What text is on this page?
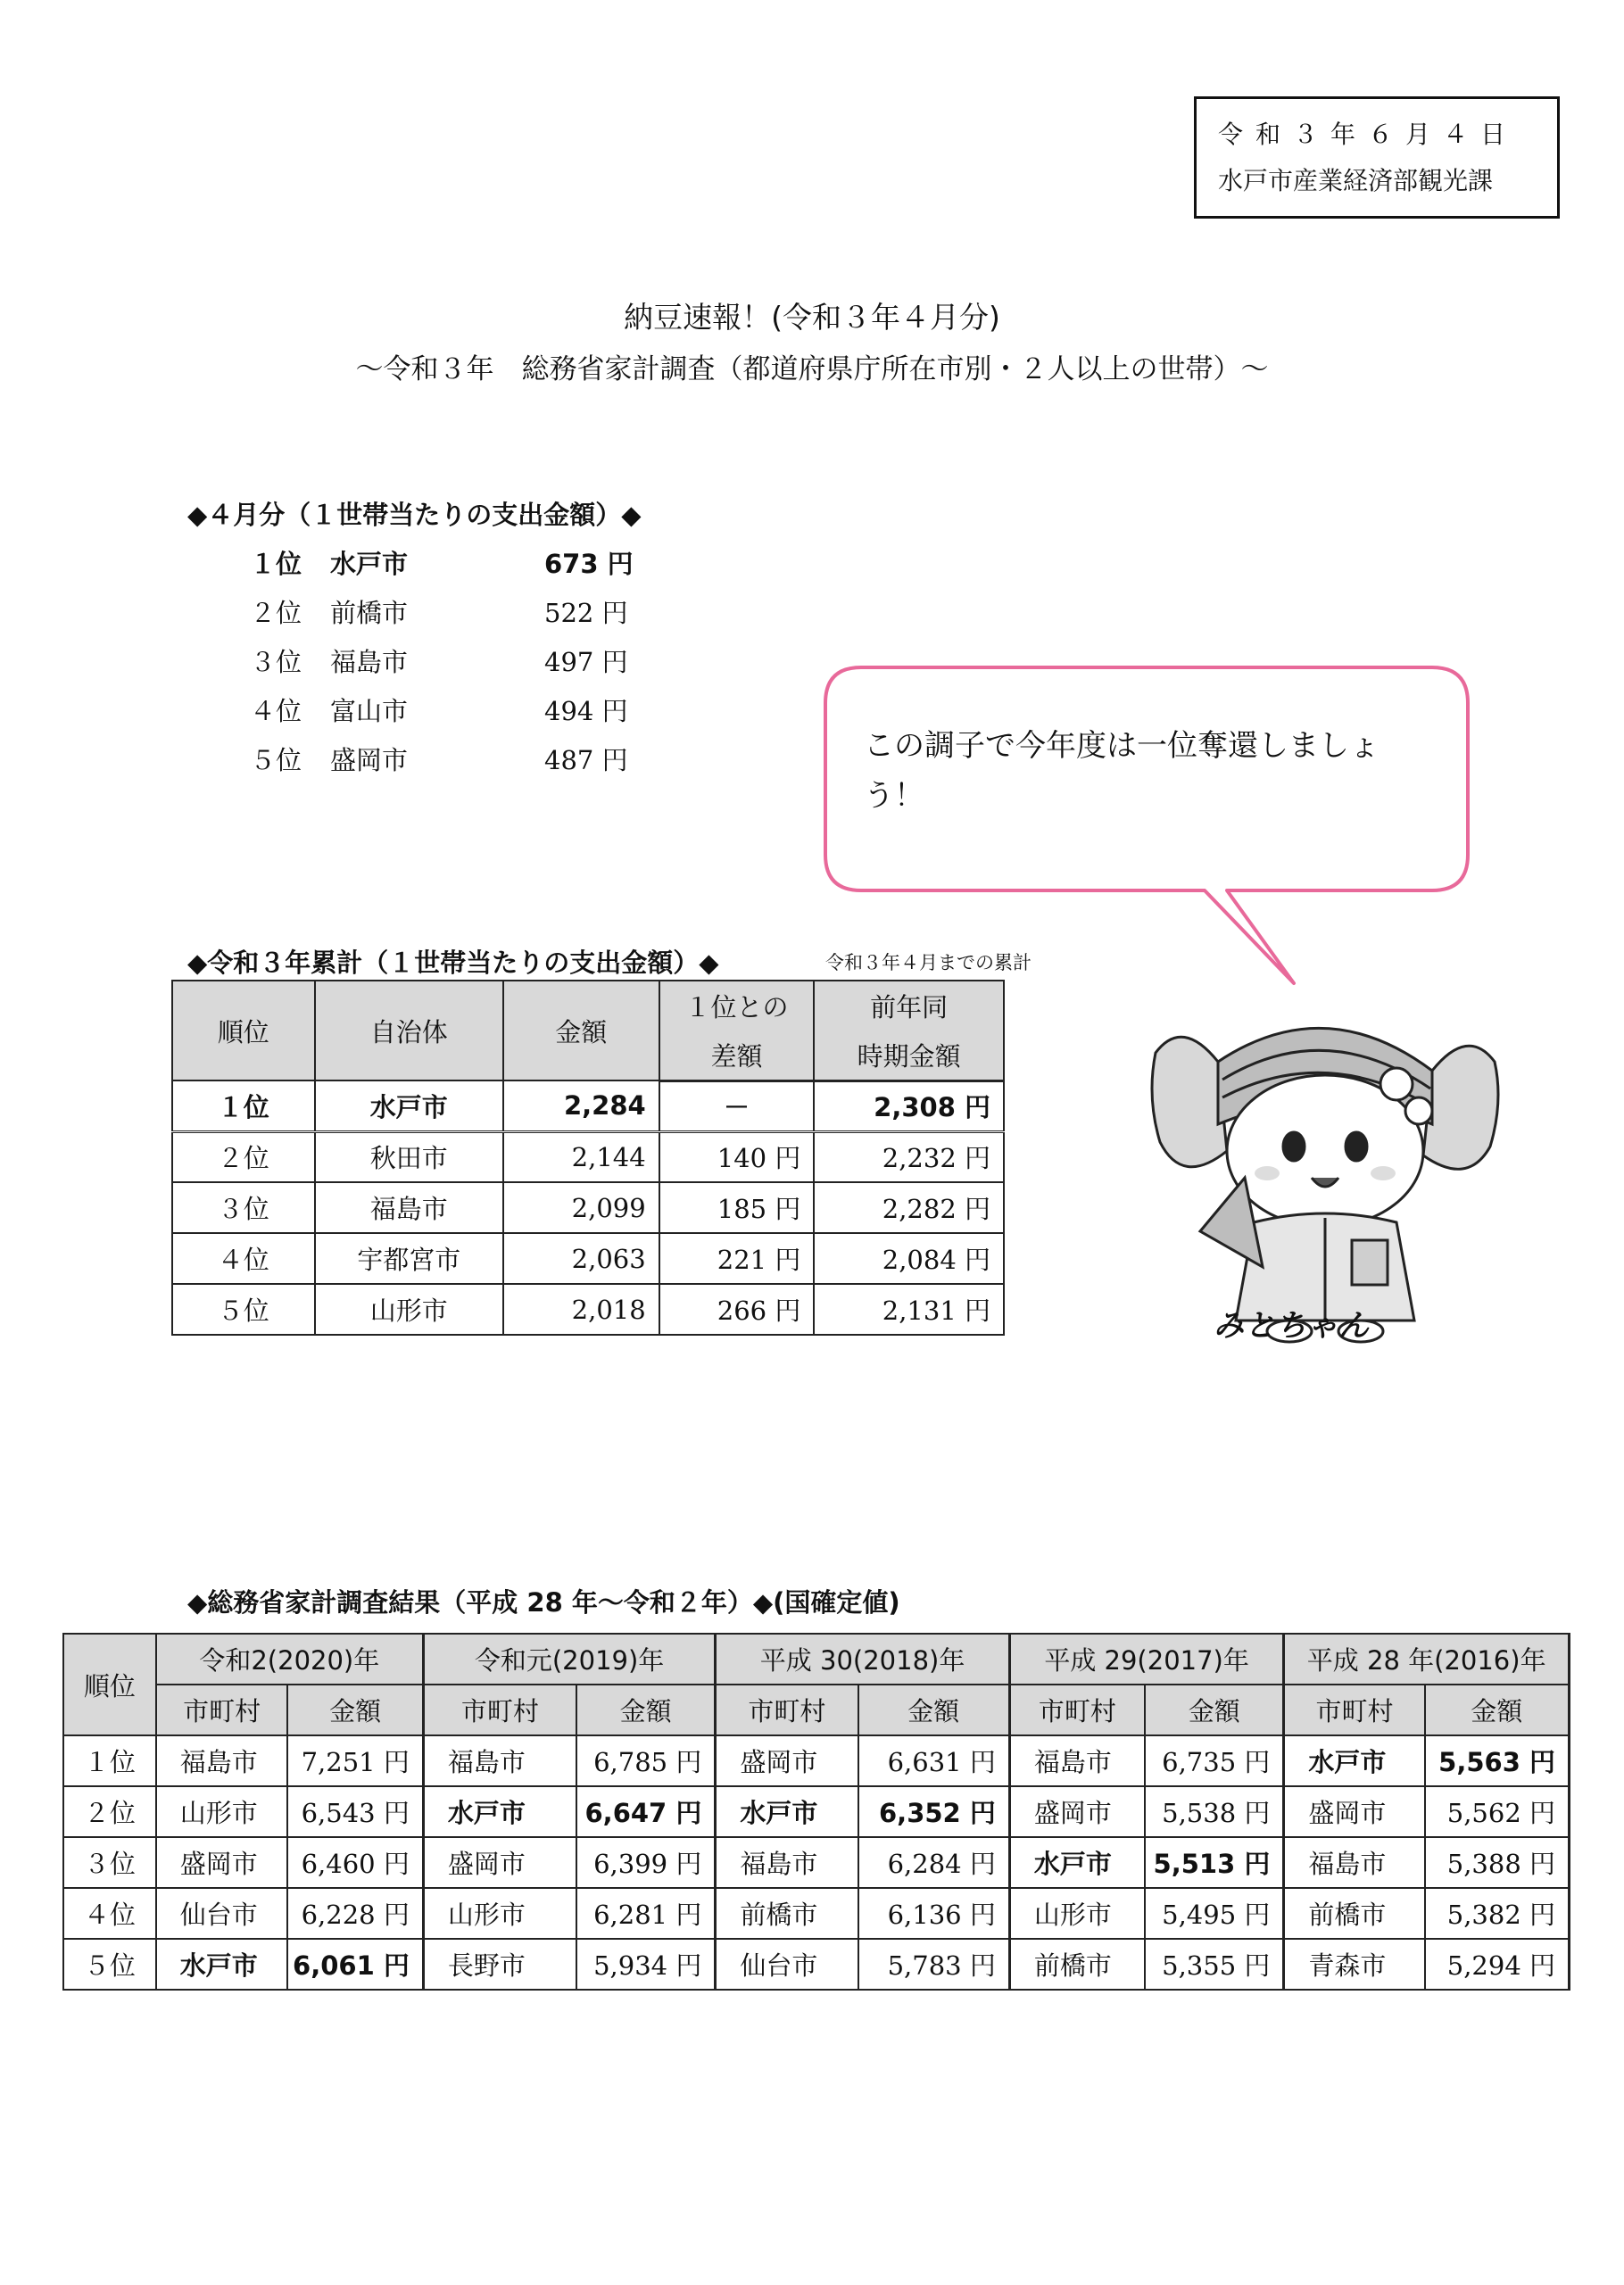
令和３年６月４日
水戸市産業経済部観光課
納豆速報！(令和３年４月分)
～令和３年　総務省家計調査（都道府県庁所在市別・２人以上の世帯）～
◆４月分（１世帯当たりの支出金額）◆
１位 水戸市	673 円
２位 前橋市	522 円
３位 福島市	497 円
４位 富山市	494 円
５位 盛岡市	487 円	この調子で今年度は一位奪還しましょう！
みとちゃん
◆令和３年累計（１世帯当たりの支出金額）◆	令和３年４月までの累計
順位	自治体	金額	１位との	前年同
			差額	時期金額
１位	水戸市	2,284	－	2,308 円
２位	秋田市	2,144	140 円	2,232 円
３位	福島市	2,099	185 円	2,282 円
４位	宇都宮市	2,063	221 円	2,084 円
５位	山形市	2,018	266 円	2,131 円
◆総務省家計調査結果（平成 28 年～令和２年）◆(国確定値)
順位	令和2(2020)年		令和元(2019)年		平成 30(2018)年		平成 29(2017)年		平成 28 年(2016)年	
	市町村	金額	市町村	金額	市町村	金額	市町村	金額	市町村	金額
１位	福島市	7,251 円	福島市	6,785 円	盛岡市	6,631 円	福島市	6,735 円	水戸市	5,563 円
２位	山形市	6,543 円	水戸市	6,647 円	水戸市	6,352 円	盛岡市	5,538 円	盛岡市	5,562 円
３位	盛岡市	6,460 円	盛岡市	6,399 円	福島市	6,284 円	水戸市	5,513 円	福島市	5,388 円
４位	仙台市	6,228 円	山形市	6,281 円	前橋市	6,136 円	山形市	5,495 円	前橋市	5,382 円
５位	水戸市	6,061 円	長野市	5,934 円	仙台市	5,783 円	前橋市	5,355 円	青森市	5,294 円
